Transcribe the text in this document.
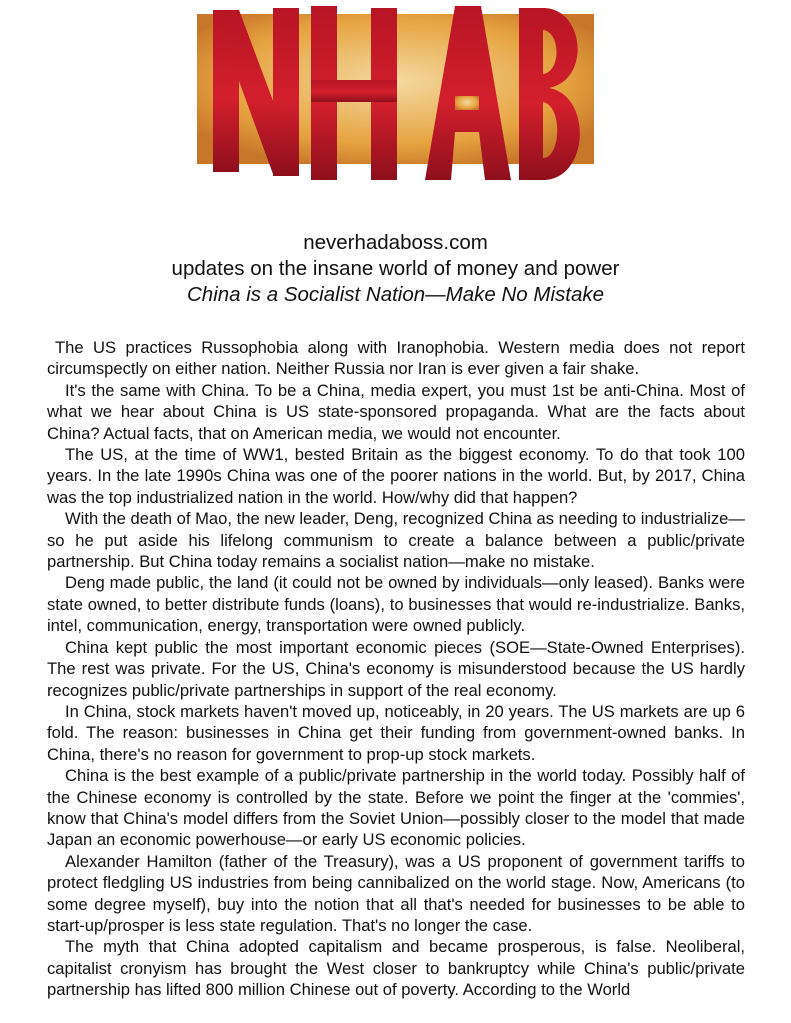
neverhadaboss.com
updates on the insane world of money and power
China is a Socialist Nation—Make No Mistake

The US practices Russophobia along with Iranophobia. Western media does not report circumspectly on either nation. Neither Russia nor Iran is ever given a fair shake.

It's the same with China. To be a China, media expert, you must 1st be anti-China. Most of what we hear about China is US state-sponsored propaganda. What are the facts about China? Actual facts, that on American media, we would not encounter.

The US, at the time of WW1, bested Britain as the biggest economy. To do that took 100 years. In the late 1990s China was one of the poorer nations in the world. But, by 2017, China was the top industrialized nation in the world. How/why did that happen?

With the death of Mao, the new leader, Deng, recognized China as needing to industrialize—so he put aside his lifelong communism to create a balance between a public/private partnership. But China today remains a socialist nation—make no mistake.

Deng made public, the land (it could not be owned by individuals—only leased). Banks were state owned, to better distribute funds (loans), to businesses that would re-industrialize. Banks, intel, communication, energy, transportation were owned publicly.

China kept public the most important economic pieces (SOE—State-Owned Enterprises). The rest was private. For the US, China's economy is misunderstood because the US hardly recognizes public/private partnerships in support of the real economy.

In China, stock markets haven't moved up, noticeably, in 20 years. The US markets are up 6 fold. The reason: businesses in China get their funding from government-owned banks. In China, there's no reason for government to prop-up stock markets.

China is the best example of a public/private partnership in the world today. Possibly half of the Chinese economy is controlled by the state. Before we point the finger at the 'commies', know that China's model differs from the Soviet Union—possibly closer to the model that made Japan an economic powerhouse—or early US economic policies.

Alexander Hamilton (father of the Treasury), was a US proponent of government tariffs to protect fledgling US industries from being cannibalized on the world stage. Now, Americans (to some degree myself), buy into the notion that all that's needed for businesses to be able to start-up/prosper is less state regulation. That's no longer the case.

The myth that China adopted capitalism and became prosperous, is false. Neoliberal, capitalist cronyism has brought the West closer to bankruptcy while China's public/private partnership has lifted 800 million Chinese out of poverty. According to the World
